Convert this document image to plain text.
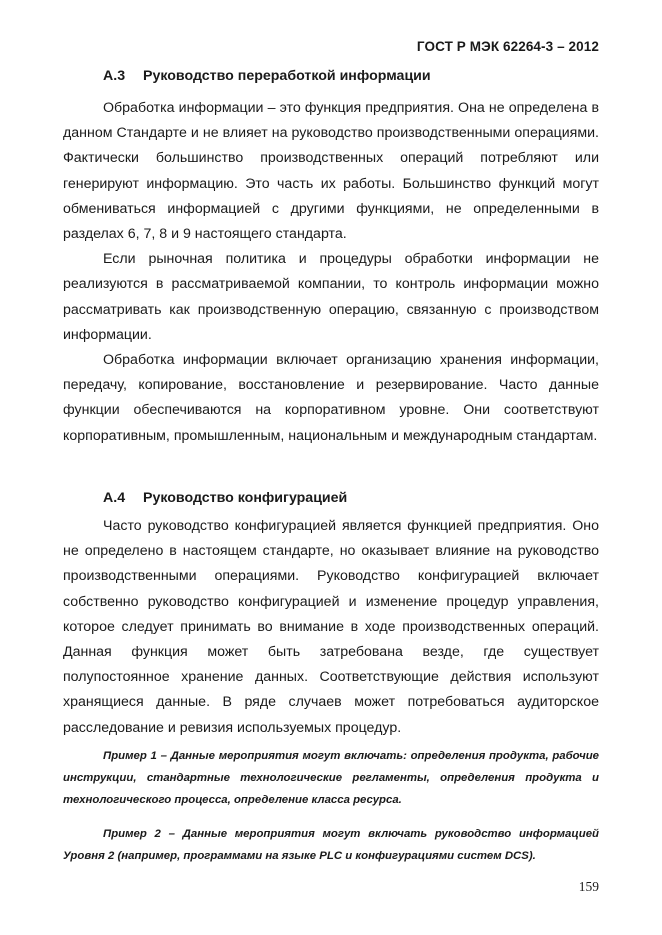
ГОСТ Р МЭК 62264-3 – 2012
А.3 Руководство переработкой информации

Обработка информации – это функция предприятия. Она не определена в данном Стандарте и не влияет на руководство производственными операциями. Фактически большинство производственных операций потребляют или генерируют информацию. Это часть их работы. Большинство функций могут обмениваться информацией с другими функциями, не определенными в разделах 6, 7, 8 и 9 настоящего стандарта.

Если рыночная политика и процедуры обработки информации не реализуются в рассматриваемой компании, то контроль информации можно рассматривать как производственную операцию, связанную с производством информации.

Обработка информации включает организацию хранения информации, передачу, копирование, восстановление и резервирование. Часто данные функции обеспечиваются на корпоративном уровне. Они соответствуют корпоративным, промышленным, национальным и международным стандартам.

А.4 Руководство конфигурацией

Часто руководство конфигурацией является функцией предприятия. Оно не определено в настоящем стандарте, но оказывает влияние на руководство производственными операциями. Руководство конфигурацией включает собственно руководство конфигурацией и изменение процедур управления, которое следует принимать во внимание в ходе производственных операций. Данная функция может быть затребована везде, где существует полупостоянное хранение данных. Соответствующие действия используют хранящиеся данные. В ряде случаев может потребоваться аудиторское расследование и ревизия используемых процедур.

Пример 1 – Данные мероприятия могут включать: определения продукта, рабочие инструкции, стандартные технологические регламенты, определения продукта и технологического процесса, определение класса ресурса.

Пример 2 – Данные мероприятия могут включать руководство информацией Уровня 2 (например, программами на языке PLC и конфигурациями систем DCS).

159
